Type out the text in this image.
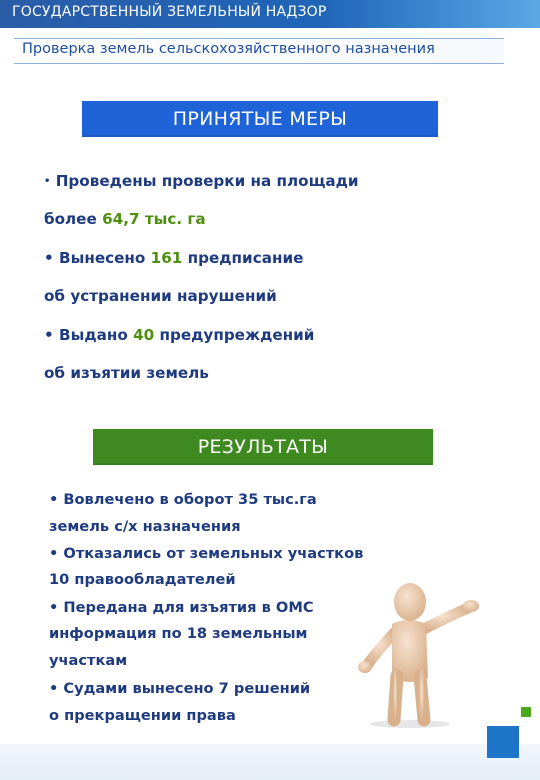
ГОСУДАРСТВЕННЫЙ ЗЕМЕЛЬНЫЙ НАДЗОР
Проверка земель сельскохозяйственного назначения
ПРИНЯТЫЕ МЕРЫ
• Проведены проверки на площади
более 64,7 тыс. га
• Вынесено 161 предписание
об устранении нарушений
• Выдано 40 предупреждений
об изъятии земель
РЕЗУЛЬТАТЫ
• Вовлечено в оборот 35 тыс.га
земель с/х назначения
• Отказались от земельных участков
10 правообладателей
• Передана для изъятия в ОМС
информация по 18 земельным
участкам
• Судами вынесено 7 решений
о прекращении права
